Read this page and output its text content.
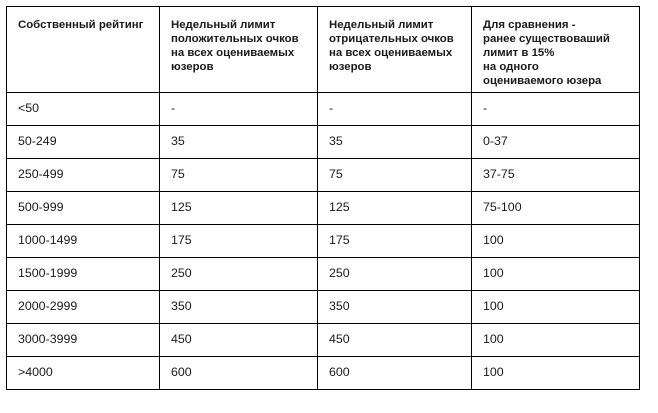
Собственный рейтинг	Недельный лимит
положительных очков
на всех оцениваемых
юзеров	Недельный лимит
отрицательных очков
на всех оцениваемых
юзеров	Для сравнения -
ранее существоваший
лимит в 15%
на одного
оцениваемого юзера

<50	-	-	-
50-249	35	35	0-37
250-499	75	75	37-75
500-999	125	125	75-100
1000-1499	175	175	100
1500-1999	250	250	100
2000-2999	350	350	100
3000-3999	450	450	100
>4000	600	600	100
